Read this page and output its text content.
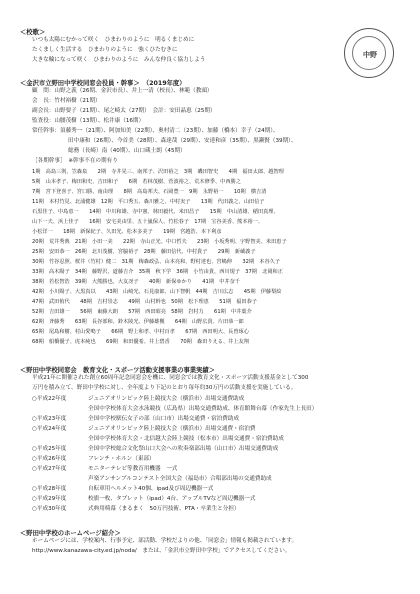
＜校歌＞
いつも太陽にむかって咲く　ひまわりのように　明るくまじめに
たくましく生活する　ひまわりのように　強くひたむきに
大きな輪になって咲く　ひまわりのように　みんな仲良く協力しよう
中野
＜金沢市立野田中学校同窓会役員・幹事＞　（2019年度）
顧　問：山野之義（26期、金沢市長）、井上一清（校長）、林範（教頭）
会　長：竹村裕樹（21期）
副会長：山野要子（21期）、尾之崎太（27期）　会計：安田晶恵（25期）
監査役：山腰茂樹（13期）、松井康（16期）
常任幹事：須藤秀一（21期）、阿加知美（22期）、奥村清二（23期）、加藤（橋本）幸子（24期）、
田中康和（26期）、今首美（28期）、森達哉（29期）、安達和彦（35期）、黒瀬賢（39期）、
総務（長崎）南（40期）、山口蔵士朗（45期）
［各期幹事］　※幹事不在の期有り
1期　高島三則、笠森泉　　2期　寺井晃三、南邦子、沢田裕之　3期　磯田智史　　4期　福田太郎、越智理
5期　山本孝子、梅田和史、吉田和子　　6期　若林茂樹、菅波裕之、荒木修季、中西勝之
7期　宮下登喜子、宮口勝、南由理　　8期　高島邦夫、石岡豊一　9期　永野裕一　　10期　横吉清
11期　本村竹見、北浦健雄　12期　平口秀五、森川雅之、中村実子　　13期　代田義之、山田信子
石黒佳子、中島恵一　　14期　中川和雄、寺中憲、林田毅代、米田昌子　　15期　中山清雄、稲田真理、
山下一夫、浜上佳子　　16期　安宅美由里、五十嵐保人、竹松春子　17期　宝谷美香、熊本裕一、
小松洋一　　18期　新保紀子、久田光、松本多美子　　19期　宮越浩、本下利彦
20期　荒井秀典　21期　小田一美　　22期　寺山正光、中口哲夫　　23期　小坂秀明、宇野智美、米田恵子
25期　安田恭一　26期　北川茂樹、宮脇裕子　28期　藤田信代、中村貴子　　29期　新蔵義子
30期　竹谷忍照、桜井（竹村）健二　31期　梅森政弘、山本亮和、野村達也、宮嶋伸　　32期　本谷久子
33期　高木陽子　34期　藤野沢、道藤吉介　35期　秋下学　36期　小竹由貴、西川規子　37期　北岡和正
38期　若松智浩　39期　大熊勝也、大友冴子　　40期　新保ゆかり　　41期　中井奈千
42期　小川陽子、大黒真以　　43期　山崎光、石見康郎、山下智帆　44期　吉川広志　　45期　伊藤梨絵
47期　武田侑代　　48期　吉村崇志　　49期　山村幹也　50期　松下理恵　　51期　福田恭子
52期　吉田雄一　　56期　東藤大朗　　57期　西田昭亮　58期　岩村力　　61期　中井葉介
62期　斉藤秀　　63期　長谷部和、鈴木陵光、伊藤雄槻　　64期　山野広貴、片田恭一郎
65期　尾島和樹、村山愛鳴子　　66期　野上和孝、中村百孝　　67期　西田明大、長曽琢心
68期　船橋優子、虎本純也　　69期　和田優希、井上碧香　　70期　森田りえる、井上友翔
＜野田中学校同窓会　教育文化・スポーツ活動支援事業の事業実績＞
平成21年に開催された創立60周年記念同窓会を機に、同窓会では教育文化・スポーツ活動支援基金として300
万円を積み立て、野田中学校に対し、全年度より下記のとおり毎年約30万円の活動支援を実施している。
○平成22年度	ジュニアオリンピック陸上競技大会（横浜市）出場交通費助成
全国中学校体育大会水泳競技（広島県）出場交通費助成、体育館舞台幕（作家先生上長田）
○平成23年度	全国中学校駅伝女子の部（山口市）出場交通費・宿泊費助成
○平成24年度	ジュニアオリンピック陸上競技大会（横浜市）出場交通費・宿泊費
全国中学校体育大会・北信越大会陸上競技（松本市）出場交通費・宿泊費助成
○平成25年度	全国中学校総合文化祭山口大会への吹奏楽部出場（山口市）出場交通費助成
○平成26年度	フレンチ・ホルン（東部）
○平成27年度	モニターテレビ等教育用機器　一式
声楽アンサンブルコンテスト全国大会（福島市）合唱部出場の交通費助成
○平成28年度	自転車用ヘルメット40個、ipad及び周辺機器一式
○平成29年度	校旗一枚、タブレット（ipad）4台、アップルTVなど周辺機器一式
○平成30年度	式典用椅幕（まるまく　50万円技術、PTA・卒業生と分担）
＜野田中学校のホームページ紹介＞
ホームページには、学校案内、行事予定、部活動、学校だよりの他、「同窓会」情報も掲載されています。
http://www.kanazawa-city.ed.jp/noda/　または、「金沢市立野田中学校」でアクセスしてください。
